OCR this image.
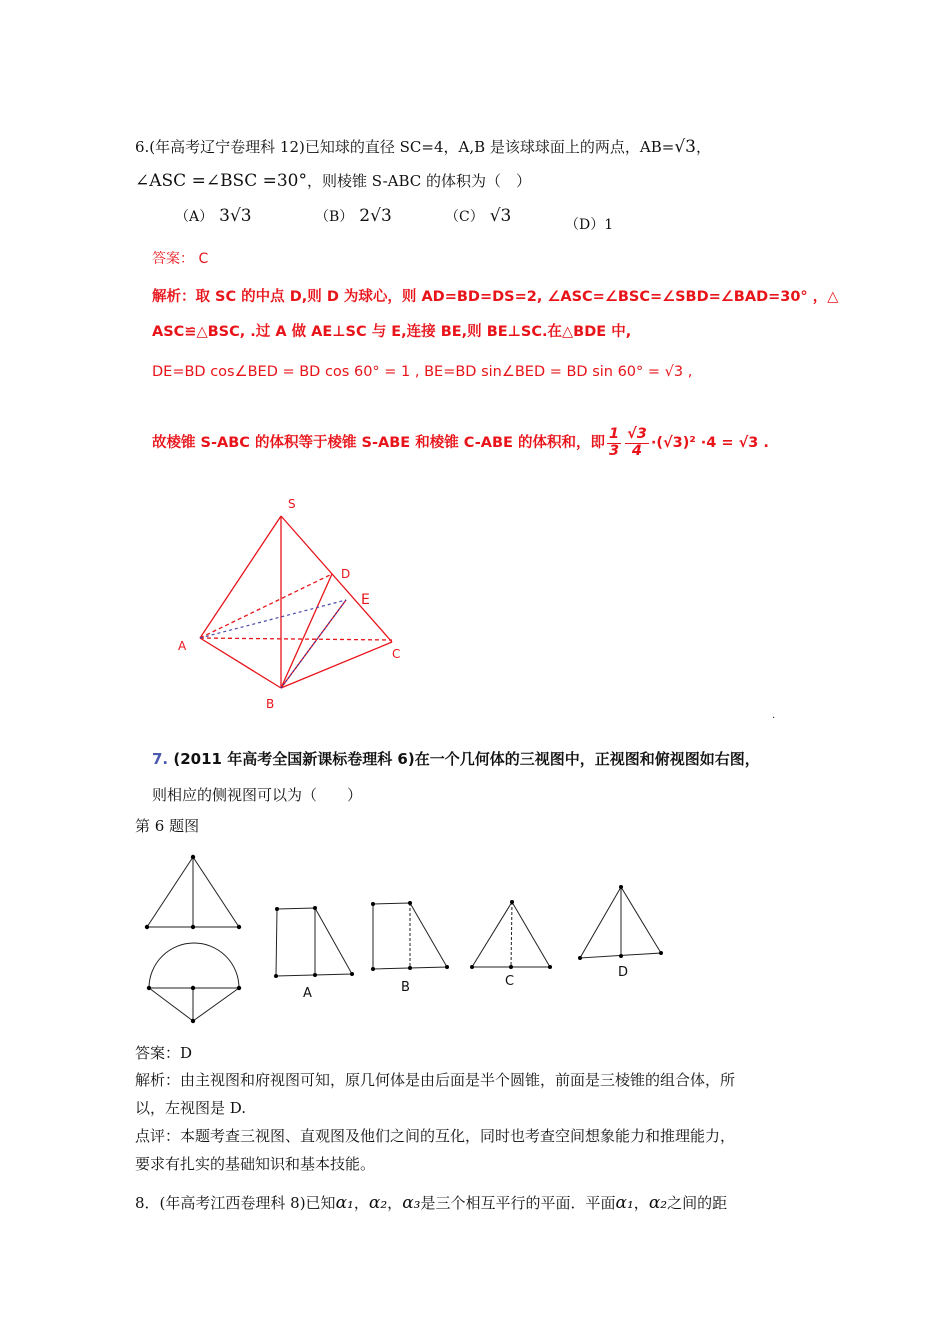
6.(年高考辽宁卷理科 12)已知球的直径 SC=4，A,B 是该球球面上的两点，AB=√3，
∠ASC =∠BSC =30°，则棱锥 S-ABC 的体积为（　）
（A） 3√3	（B） 2√3	（C） √3	（D）1
答案： C
解析：取 SC 的中点 D,则 D 为球心，则 AD=BD=DS=2, ∠ASC=∠BSC=∠SBD=∠BAD=30° ，△
ASC≌△BSC, .过 A 做 AE⊥SC 与 E,连接 BE,则 BE⊥SC.在△BDE 中,
DE=BD cos∠BED = BD cos 60° = 1 , BE=BD sin∠BED = BD sin 60° = √3 ,
故棱锥 S-ABC 的体积等于棱锥 S-ABE 和棱锥 C-ABE 的体积和，即 $\frac{1}{3} \frac{√3}{4} \cdot(√3)^2 \cdot 4 = √3$ .
S
D
E
A
C
B
.
7. (2011 年高考全国新课标卷理科 6)在一个几何体的三视图中，正视图和俯视图如右图，
则相应的侧视图可以为（　　）
第 6 题图
A	B	C
D
答案：D
解析：由主视图和府视图可知，原几何体是由后面是半个圆锥，前面是三棱锥的组合体，所
以，左视图是 D.
点评：本题考查三视图、直观图及他们之间的互化，同时也考查空间想象能力和推理能力，
要求有扎实的基础知识和基本技能。
8．(年高考江西卷理科 8)已知α₁，α₂，α₃是三个相互平行的平面．平面α₁，α₂之间的距
